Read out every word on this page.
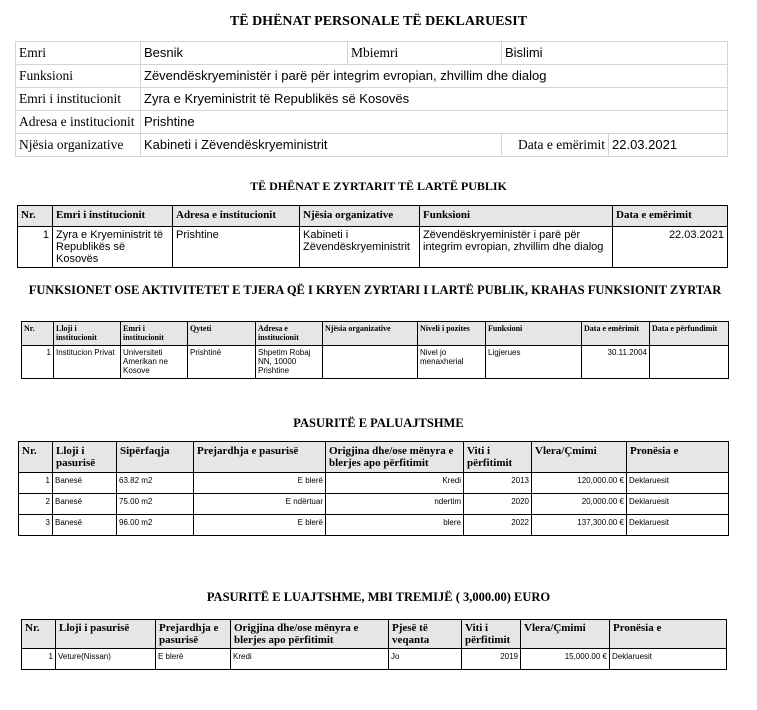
TË DHËNAT PERSONALE TË DEKLARUESIT
Emri	Besnik	Mbiemri	Bislimi	
Funksioni	Zëvendëskryeministër i parë për integrim evropian, zhvillim dhe dialog			
Emri i institucionit	Zyra e Kryeministrit të Republikës së Kosovës			
Adresa e institucionit	Prishtine			
Njësia organizative	Kabineti i Zëvendëskryeministrit		Data e emërimit	22.03.2021
TË DHËNAT E ZYRTARIT TË LARTË PUBLIK
Nr.	Emri i institucionit	Adresa e institucionit	Njësia organizative	Funksioni	Data e emërimit
1	Zyra e Kryeministrit të Republikës së Kosovës	Prishtine	Kabineti i Zëvendëskryeministrit	Zëvendëskryeministër i parë për integrim evropian, zhvillim dhe dialog	22.03.2021
FUNKSIONET OSE AKTIVITETET E TJERA QË I KRYEN ZYRTARI I LARTË PUBLIK, KRAHAS FUNKSIONIT ZYRTAR
Nr.	Lloji i institucionit	Emri i institucionit	Qyteti	Adresa e institucionit	Njësia organizative	Niveli i pozites	Funksioni	Data e emërimit	Data e përfundimit
1	Institucion Privat	Universiteti Amerikan ne Kosove	Prishtinë	Shpetim Robaj NN, 10000 Prishtine		Nivel jo menaxherial	Ligjerues	30.11.2004	
PASURITË E PALUAJTSHME
Nr.	Lloji i pasurisë	Sipërfaqja	Prejardhja e pasurisë	Origjina dhe/ose mënyra e blerjes apo përfitimit	Viti i përfitimit	Vlera/Çmimi	Pronësia e
1	Banesë	63.82 m2	E blerë	Kredi	2013	120,000.00 €	Deklaruesit
2	Banesë	75.00 m2	E ndërtuar	ndertim	2020	20,000.00 €	Deklaruesit
3	Banesë	96.00 m2	E blerë	blere	2022	137,300.00 €	Deklaruesit
PASURITË E LUAJTSHME, MBI TREMIJË ( 3,000.00) EURO
Nr.	Lloji i pasurisë	Prejardhja e pasurisë	Origjina dhe/ose mënyra e blerjes apo përfitimit	Pjesë të veqanta	Viti i përfitimit	Vlera/Çmimi	Pronësia e
1	Veture(Nissan)	E blerë	Kredi	Jo	2019	15,000.00 €	Deklaruesit
